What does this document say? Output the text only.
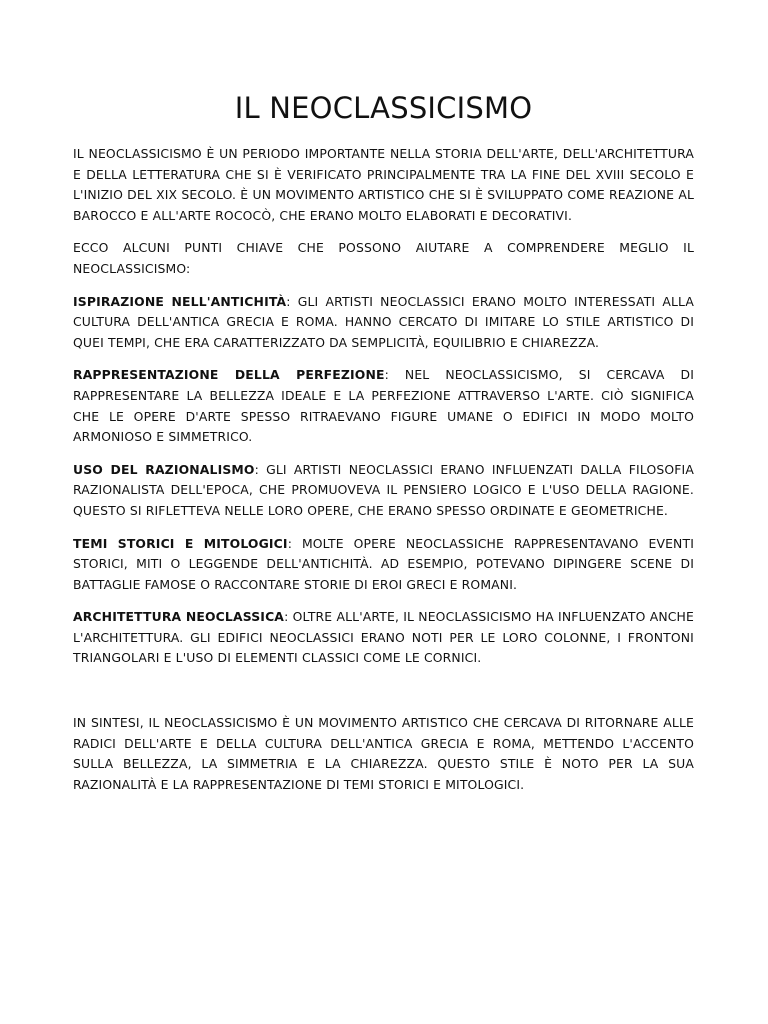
IL NEOCLASSICISMO

IL NEOCLASSICISMO È UN PERIODO IMPORTANTE NELLA STORIA DELL'ARTE, DELL'ARCHITETTURA E DELLA LETTERATURA CHE SI È VERIFICATO PRINCIPALMENTE TRA LA FINE DEL XVIII SECOLO E L'INIZIO DEL XIX SECOLO. È UN MOVIMENTO ARTISTICO CHE SI È SVILUPPATO COME REAZIONE AL BAROCCO E ALL'ARTE ROCOCÒ, CHE ERANO MOLTO ELABORATI E DECORATIVI.

ECCO ALCUNI PUNTI CHIAVE CHE POSSONO AIUTARE A COMPRENDERE MEGLIO IL NEOCLASSICISMO:

ISPIRAZIONE NELL'ANTICHITÀ: GLI ARTISTI NEOCLASSICI ERANO MOLTO INTERESSATI ALLA CULTURA DELL'ANTICA GRECIA E ROMA. HANNO CERCATO DI IMITARE LO STILE ARTISTICO DI QUEI TEMPI, CHE ERA CARATTERIZZATO DA SEMPLICITÀ, EQUILIBRIO E CHIAREZZA.

RAPPRESENTAZIONE DELLA PERFEZIONE: NEL NEOCLASSICISMO, SI CERCAVA DI RAPPRESENTARE LA BELLEZZA IDEALE E LA PERFEZIONE ATTRAVERSO L'ARTE. CIÒ SIGNIFICA CHE LE OPERE D'ARTE SPESSO RITRAEVANO FIGURE UMANE O EDIFICI IN MODO MOLTO ARMONIOSO E SIMMETRICO.

USO DEL RAZIONALISMO: GLI ARTISTI NEOCLASSICI ERANO INFLUENZATI DALLA FILOSOFIA RAZIONALISTA DELL'EPOCA, CHE PROMUOVEVA IL PENSIERO LOGICO E L'USO DELLA RAGIONE. QUESTO SI RIFLETTEVA NELLE LORO OPERE, CHE ERANO SPESSO ORDINATE E GEOMETRICHE.

TEMI STORICI E MITOLOGICI: MOLTE OPERE NEOCLASSICHE RAPPRESENTAVANO EVENTI STORICI, MITI O LEGGENDE DELL'ANTICHITÀ. AD ESEMPIO, POTEVANO DIPINGERE SCENE DI BATTAGLIE FAMOSE O RACCONTARE STORIE DI EROI GRECI E ROMANI.

ARCHITETTURA NEOCLASSICA: OLTRE ALL'ARTE, IL NEOCLASSICISMO HA INFLUENZATO ANCHE L'ARCHITETTURA. GLI EDIFICI NEOCLASSICI ERANO NOTI PER LE LORO COLONNE, I FRONTONI TRIANGOLARI E L'USO DI ELEMENTI CLASSICI COME LE CORNICI.

IN SINTESI, IL NEOCLASSICISMO È UN MOVIMENTO ARTISTICO CHE CERCAVA DI RITORNARE ALLE RADICI DELL'ARTE E DELLA CULTURA DELL'ANTICA GRECIA E ROMA, METTENDO L'ACCENTO SULLA BELLEZZA, LA SIMMETRIA E LA CHIAREZZA. QUESTO STILE È NOTO PER LA SUA RAZIONALITÀ E LA RAPPRESENTAZIONE DI TEMI STORICI E MITOLOGICI.
